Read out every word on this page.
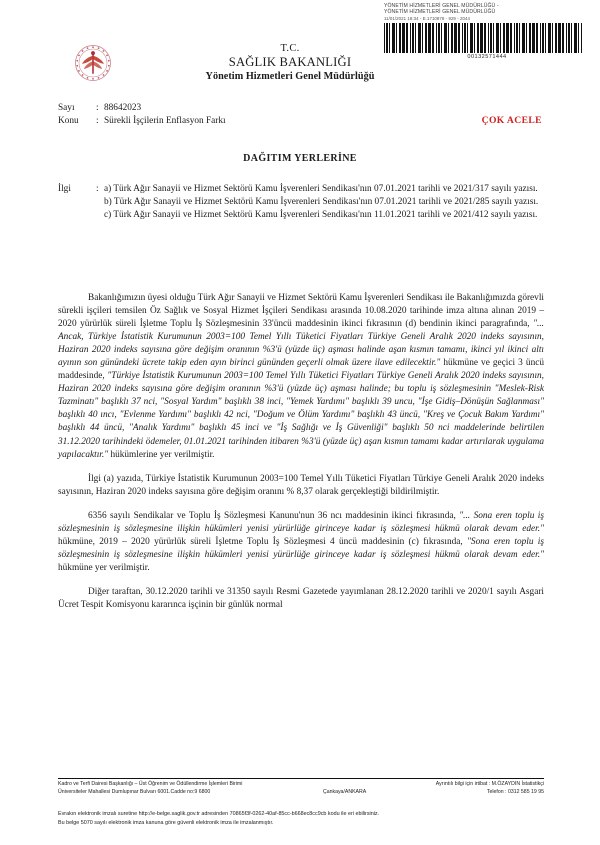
YÖNETİM HİZMETLERİ GENEL MÜDÜRLÜĞÜ -
YÖNETİM HİZMETLERİ GENEL MÜDÜRLÜĞÜ
11/01/2021 18:34 - E.1710878 - 929 - 2044
00132571444
T.C.
SAĞLIK BAKANLIĞI
Yönetim Hizmetleri Genel Müdürlüğü
Sayı	: 88642023
Konu	: Sürekli İşçilerin Enflasyon Farkı	ÇOK ACELE
DAĞITIM YERLERİNE
İlgi	: a) Türk Ağır Sanayii ve Hizmet Sektörü Kamu İşverenleri Sendikası'nın 07.01.2021 tarihli ve 2021/317 sayılı yazısı.
b) Türk Ağır Sanayii ve Hizmet Sektörü Kamu İşverenleri Sendikası'nın 07.01.2021 tarihli ve 2021/285 sayılı yazısı.
c) Türk Ağır Sanayii ve Hizmet Sektörü Kamu İşverenleri Sendikası'nın 11.01.2021 tarihli ve 2021/412 sayılı yazısı.

Bakanlığımızın üyesi olduğu Türk Ağır Sanayii ve Hizmet Sektörü Kamu İşverenleri Sendikası ile Bakanlığımızda görevli sürekli işçileri temsilen Öz Sağlık ve Sosyal Hizmet İşçileri Sendikası arasında 10.08.2020 tarihinde imza altına alınan 2019 – 2020 yürürlük süreli İşletme Toplu İş Sözleşmesinin 33'üncü maddesinin ikinci fıkrasının (d) bendinin ikinci paragrafında, "... Ancak, Türkiye İstatistik Kurumunun 2003=100 Temel Yıllı Tüketici Fiyatları Türkiye Geneli Aralık 2020 indeks sayısının, Haziran 2020 indeks sayısına göre değişim oranının %3'ü (yüzde üç) aşması halinde aşan kısmın tamamı, ikinci yıl ikinci altı ayının son günündeki ücrete takip eden ayın birinci gününden geçerli olmak üzere ilave edilecektir." hükmüne ve geçici 3 üncü maddesinde, "Türkiye İstatistik Kurumunun 2003=100 Temel Yıllı Tüketici Fiyatları Türkiye Geneli Aralık 2020 indeks sayısının, Haziran 2020 indeks sayısına göre değişim oranının %3'ü (yüzde üç) aşması halinde; bu toplu iş sözleşmesinin "Meslek-Risk Tazminatı" başlıklı 37 nci, "Sosyal Yardım" başlıklı 38 inci, "Yemek Yardımı" başlıklı 39 uncu, "İşe Gidiş–Dönüşün Sağlanması" başlıklı 40 ıncı, "Evlenme Yardımı" başlıklı 42 nci, "Doğum ve Ölüm Yardımı" başlıklı 43 üncü, "Kreş ve Çocuk Bakım Yardımı" başlıklı 44 üncü, "Analık Yardımı" başlıklı 45 inci ve "İş Sağlığı ve İş Güvenliği" başlıklı 50 nci maddelerinde belirtilen 31.12.2020 tarihindeki ödemeler, 01.01.2021 tarihinden itibaren %3'ü (yüzde üç) aşan kısmın tamamı kadar artırılarak uygulama yapılacaktır." hükümlerine yer verilmiştir.

İlgi (a) yazıda, Türkiye İstatistik Kurumunun 2003=100 Temel Yıllı Tüketici Fiyatları Türkiye Geneli Aralık 2020 indeks sayısının, Haziran 2020 indeks sayısına göre değişim oranını % 8,37 olarak gerçekleştiği bildirilmiştir.

6356 sayılı Sendikalar ve Toplu İş Sözleşmesi Kanunu'nun 36 ncı maddesinin ikinci fıkrasında, "... Sona eren toplu iş sözleşmesinin iş sözleşmesine ilişkin hükümleri yenisi yürürlüğe girinceye kadar iş sözleşmesi hükmü olarak devam eder." hükmüne, 2019 – 2020 yürürlük süreli İşletme Toplu İş Sözleşmesi 4 üncü maddesinin (c) fıkrasında, "Sona eren toplu iş sözleşmesinin iş sözleşmesine ilişkin hükümleri yenisi yürürlüğe girinceye kadar iş sözleşmesi hükmü olarak devam eder." hükmüne yer verilmiştir.

Diğer taraftan, 30.12.2020 tarihli ve 31350 sayılı Resmi Gazetede yayımlanan 28.12.2020 tarihli ve 2020/1 sayılı Asgari Ücret Tespit Komisyonu kararınca işçinin bir günlük normal

Kadro ve Terfi Dairesi Başkanlığı – Üst Öğrenim ve Ödüllendirme İşlemleri Birimi	Ayrıntılı bilgi için irtibat : M.ÖZAYDIN İstatistikçi
Üniversiteler Mahallesi Dumlupınar Bulvarı 6001.Cadde no:9 6800	Çankaya/ANKARA	Telefon : 0312 585 19 95
Evrakın elektronik imzalı suretine http://e-belge.saglik.gov.tr adresinden 70865f3f-0262-40af-85cc-b668ec8cc9cb kodu ile eri ebilirsiniz.
Bu belge 5070 sayılı elektronik imza kanuna göre güvenli elektronik imza ile imzalanmıştır.
